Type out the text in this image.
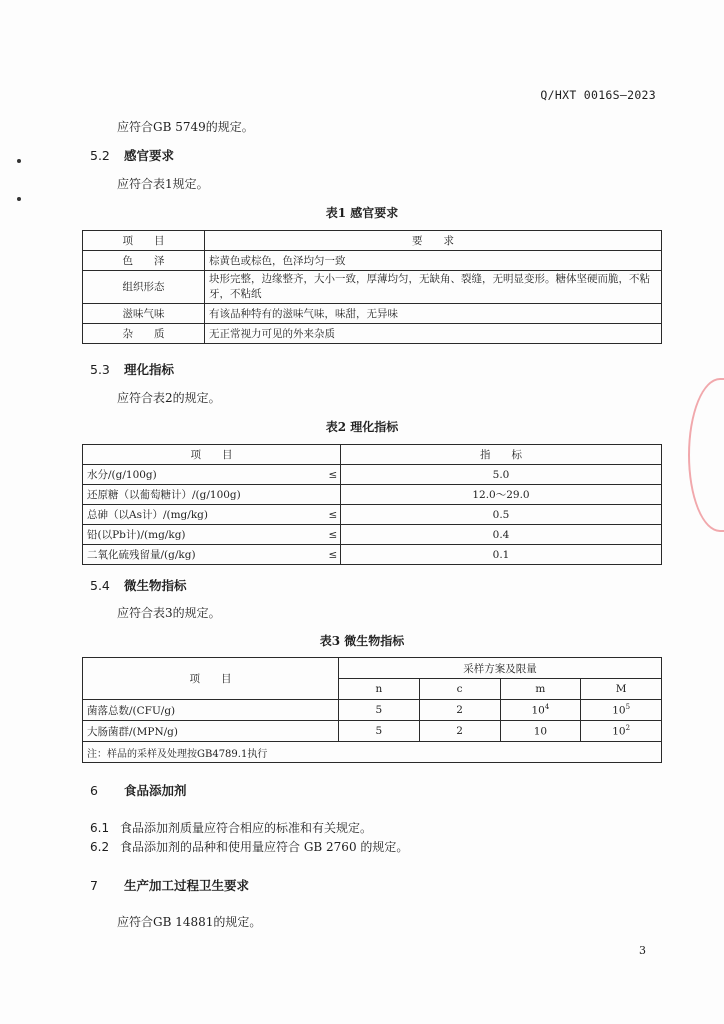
Q/HXT 0016S—2023
应符合GB 5749的规定。
5.2 感官要求
应符合表1规定。
表1 感官要求
项　　目	要　　求
色　　泽	棕黄色或棕色，色泽均匀一致
组织形态	块形完整，边缘整齐，大小一致，厚薄均匀，无缺角、裂缝，无明显变形。糖体坚硬而脆，不粘牙，不粘纸
滋味气味	有该品种特有的滋味气味，味甜，无异味
杂　　质	无正常视力可见的外来杂质
5.3 理化指标
应符合表2的规定。
表2 理化指标
项　　目		指　　标
水分/(g/100g)	≤	5.0
还原糖（以葡萄糖计）/(g/100g)		12.0～29.0
总砷（以As计）/(mg/kg)	≤	0.5
铅(以Pb计)/(mg/kg)	≤	0.4
二氧化硫残留量/(g/kg)	≤	0.1
5.4 微生物指标
应符合表3的规定。
表3 微生物指标
项　　目	采样方案及限量			
	n	c	m	M
菌落总数/(CFU/g)	5	2	$10^4$	$10^5$
大肠菌群/(MPN/g)	5	2	10	$10^2$
注：样品的采样及处理按GB4789.1执行				
6 食品添加剂
6.1 食品添加剂质量应符合相应的标准和有关规定。
6.2 食品添加剂的品种和使用量应符合 GB 2760 的规定。
7 生产加工过程卫生要求
应符合GB 14881的规定。
3
